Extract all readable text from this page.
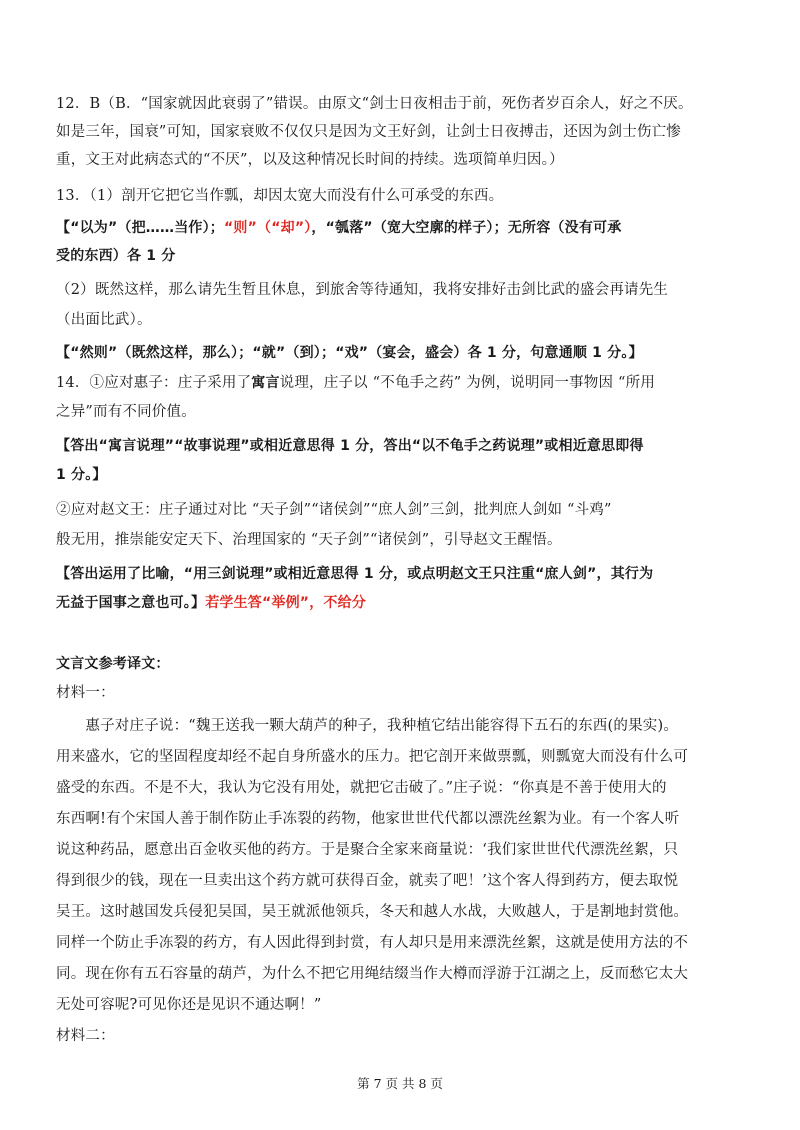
12．B（B．“国家就因此衰弱了”错误。由原文“剑士日夜相击于前，死伤者岁百余人，好之不厌。
如是三年，国衰”可知，国家衰败不仅仅只是因为文王好剑，让剑士日夜搏击，还因为剑士伤亡惨
重，文王对此病态式的“不厌”，以及这种情况长时间的持续。选项简单归因。）
13．（1）剖开它把它当作瓢，却因太宽大而没有什么可承受的东西。
【“以为”（把……当作）；“则”（“却”），“瓠落”（宽大空廓的样子）；无所容（没有可承
受的东西）各 1 分
（2）既然这样，那么请先生暂且休息，到旅舍等待通知，我将安排好击剑比武的盛会再请先生
（出面比武）。
【“然则”（既然这样，那么）；“就”（到）；“戏”（宴会，盛会）各 1 分，句意通顺 1 分。】
14．①应对惠子：庄子采用了寓言说理，庄子以 “不龟手之药” 为例，说明同一事物因 “所用
之异”而有不同价值。
【答出“寓言说理”“故事说理”或相近意思得 1 分，答出“以不龟手之药说理”或相近意思即得
1 分。】
②应对赵文王：庄子通过对比 “天子剑”“诸侯剑”“庶人剑”三剑，批判庶人剑如 “斗鸡”
般无用，推崇能安定天下、治理国家的 “天子剑”“诸侯剑”，引导赵文王醒悟。
【答出运用了比喻，“用三剑说理”或相近意思得 1 分，或点明赵文王只注重“庶人剑”，其行为
无益于国事之意也可。】若学生答“举例”，不给分
文言文参考译文：
材料一：
　　惠子对庄子说：“魏王送我一颗大葫芦的种子，我种植它结出能容得下五石的东西(的果实)。
用来盛水，它的坚固程度却经不起自身所盛水的压力。把它剖开来做票瓢，则瓢宽大而没有什么可
盛受的东西。不是不大，我认为它没有用处，就把它击破了。”庄子说：“你真是不善于使用大的
东西啊!有个宋国人善于制作防止手冻裂的药物，他家世世代代都以漂洗丝絮为业。有一个客人听
说这种药品，愿意出百金收买他的药方。于是聚合全家来商量说：‘我们家世世代代漂洗丝絮，只
得到很少的钱，现在一旦卖出这个药方就可获得百金，就卖了吧！’这个客人得到药方，便去取悦
吴王。这时越国发兵侵犯吴国，吴王就派他领兵，冬天和越人水战，大败越人，于是割地封赏他。
同样一个防止手冻裂的药方，有人因此得到封赏，有人却只是用来漂洗丝絮，这就是使用方法的不
同。现在你有五石容量的葫芦，为什么不把它用绳结缀当作大樽而浮游于江湖之上，反而愁它太大
无处可容呢?可见你还是见识不通达啊！”
材料二：
第 7 页 共 8 页
